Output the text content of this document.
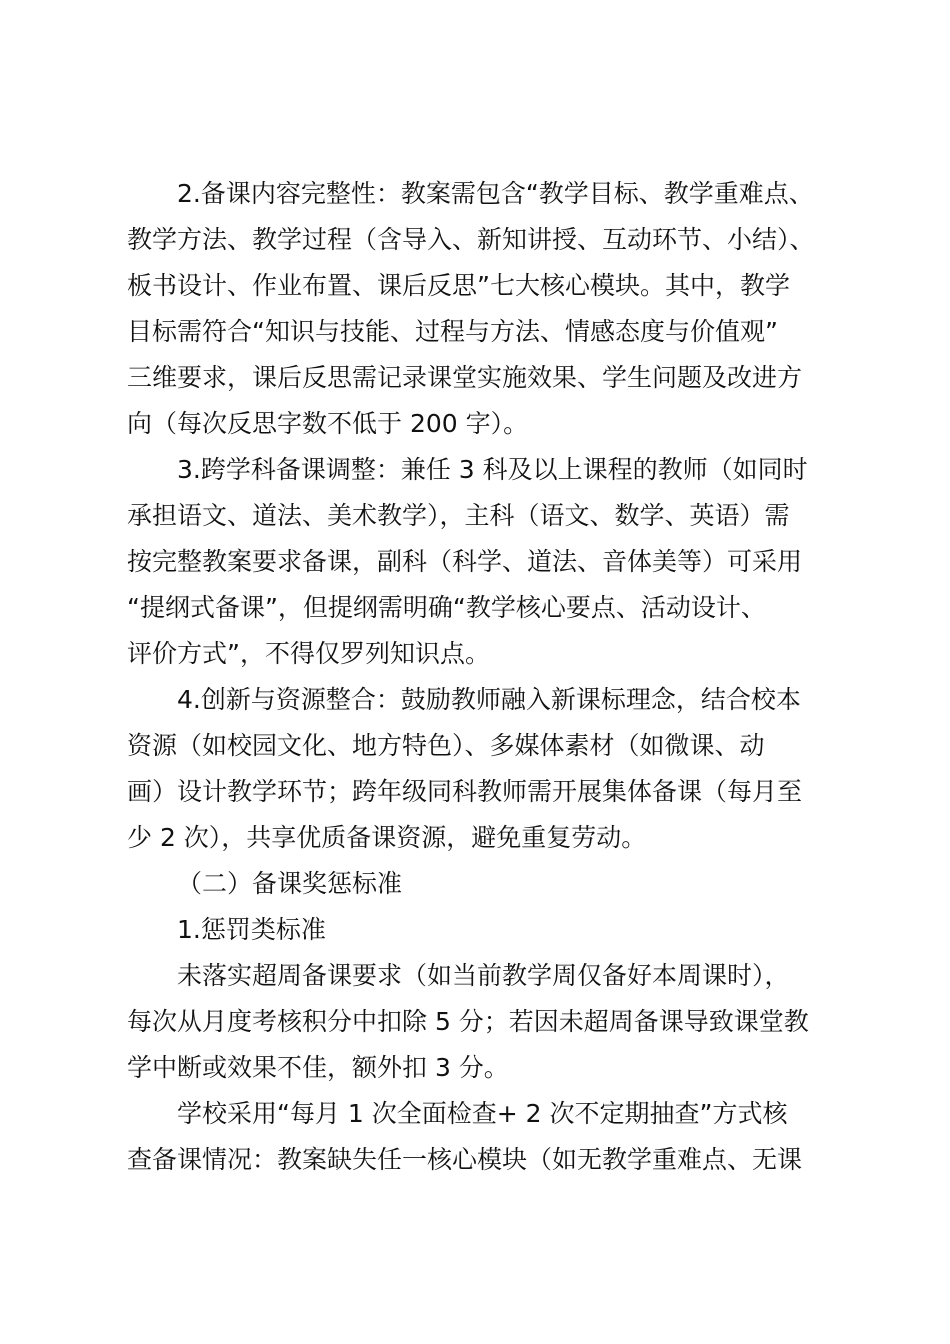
2.备课内容完整性：教案需包含“教学目标、教学重难点、
教学方法、教学过程（含导入、新知讲授、互动环节、小结）、
板书设计、作业布置、课后反思”七大核心模块。其中，教学
目标需符合“知识与技能、过程与方法、情感态度与价值观”
三维要求，课后反思需记录课堂实施效果、学生问题及改进方
向（每次反思字数不低于 200 字）。
3.跨学科备课调整：兼任 3 科及以上课程的教师（如同时
承担语文、道法、美术教学），主科（语文、数学、英语）需
按完整教案要求备课，副科（科学、道法、音体美等）可采用
“提纲式备课”，但提纲需明确“教学核心要点、活动设计、
评价方式”，不得仅罗列知识点。
4.创新与资源整合：鼓励教师融入新课标理念，结合校本
资源（如校园文化、地方特色）、多媒体素材（如微课、动
画）设计教学环节；跨年级同科教师需开展集体备课（每月至
少 2 次），共享优质备课资源，避免重复劳动。
（二）备课奖惩标准
1.惩罚类标准
未落实超周备课要求（如当前教学周仅备好本周课时），
每次从月度考核积分中扣除 5 分；若因未超周备课导致课堂教
学中断或效果不佳，额外扣 3 分。
学校采用“每月 1 次全面检查+ 2 次不定期抽查”方式核
查备课情况：教案缺失任一核心模块（如无教学重难点、无课
